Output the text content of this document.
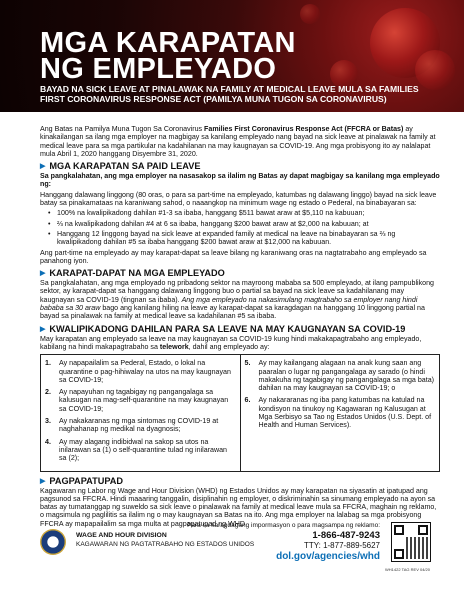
MGA KARAPATAN
NG EMPLEYADO
BAYAD NA SICK LEAVE AT PINALAWAK NA FAMILY AT MEDICAL LEAVE MULA SA FAMILIES
FIRST CORONAVIRUS RESPONSE ACT (PAMILYA MUNA TUGON SA CORONAVIRUS)
Ang Batas na Pamilya Muna Tugon Sa Coronavirus Families First Coronavirus Response Act (FFCRA or Batas) ay kinakailangan sa ilang mga employer na magbigay sa kanilang empleyado nang bayad na sick leave at pinalawak na family at medical leave para sa mga partikular na kadahilanan na may kaugnayan sa COVID-19. Ang mga probisyong ito ay nalalapat mula Abril 1, 2020 hanggang Disyembre 31, 2020.
▶ MGA KARAPATAN SA PAID LEAVE
Sa pangkalahatan, ang mga employer na nasasakop sa ilalim ng Batas ay dapat magbigay sa kanilang mga empleyado ng:
Hanggang dalawang linggong (80 oras, o para sa part-time na empleyado, katumbas ng dalawang linggo) bayad na sick leave batay sa pinakamataas na karaniwang sahod, o naaangkop na minimum wage ng estado o Pederal, na binabayaran sa:
• 100% na kwalipikadong dahilan #1-3 sa ibaba, hanggang $511 bawat araw at $5,110 na kabuuan;
• ⅔ na kwalipikadong dahilan #4 at 6 sa ibaba, hanggang $200 bawat araw at $2,000 na kabuuan; at
• Hanggang 12 linggong bayad na sick leave at expanded family at medical na leave na binabayaran sa ⅔ ng kwalipikadong dahilan #5 sa ibaba hanggang $200 bawat araw at $12,000 na kabuuan.
Ang part-time na empleyado ay may karapat-dapat sa leave bilang ng karaniwang oras na nagtatrabaho ang empleyado sa panahong iyon.
▶ KARAPAT-DAPAT NA MGA EMPLEYADO
Sa pangkalahatan, ang mga employado ng pribadong sektor na mayroong mababa sa 500 empleyado, at ilang pampublikong sektor, ay karapat-dapat sa hanggang dalawang linggong buo o partial sa bayad na sick leave sa kadahilanang may kaugnayan sa COVID-19 (tingnan sa ibaba). Ang mga empleyado na nakasimulang magtrabaho sa employer nang hindi bababa sa 30 araw bago ang kanilang hiling na leave ay karapat-dapat sa karagdagan na hanggang 10 linggong partial na bayad sa pinalawak na family at medical leave sa kadahilanan #5 sa ibaba.
▶ KWALIPIKADONG DAHILAN PARA SA LEAVE NA MAY KAUGNAYAN SA COVID-19
May karapatan ang empleyado sa leave na may kaugnayan sa COVID-19 kung hindi makakapagtrabaho ang empleyado, kabilang na hindi makapagtrabaho sa telework, dahil ang empleyado ay:
1.	Ay napapailalim sa Pederal, Estado, o lokal na quarantine o pag-hihiwalay na utos na may kaugnayan sa COVID-19;
2.	Ay napayuhan ng tagabigay ng pangangalaga sa kalusugan na mag-self-quarantine na may kaugnayan sa COVID-19;
3.	Ay nakakaranas ng mga sintomas ng COVID-19 at naghahanap ng medikal na dyagnosis;
4.	Ay may alagang indibidwal na sakop sa utos na inilarawan sa (1) o self-quarantine tulad ng inilarawan sa (2);
5.	Ay may kailangang alagaan na anak kung saan ang paaralan o lugar ng pangangalaga ay sarado (o hindi makakuha ng tagabigay ng pangangalaga sa mga bata) dahilan na may kaugnayan sa COVID-19; o
6.	Ay nakararanas ng iba pang katumbas na katulad na kondisyon na tinukoy ng Kagawaran ng Kalusugan at Mga Serbisyo sa Tao ng Estados Unidos (U.S. Dept. of Health and Human Services).
▶ PAGPAPATUPAD
Kagawaran ng Labor ng Wage and Hour Division (WHD) ng Estados Unidos ay may karapatan na siyasatin at ipatupad ang pagsunod sa FFCRA. Hindi maaaring tanggalin, disiplinahin ng employer, o diskriminahin sa sinumang empleyado na ayon sa batas ay tumatanggap ng suweldo sa sick leave o pinalawak na family at medical leave mula sa FFCRA, maghain ng reklamo, o magsimula ng paglilitis sa ilalim ng o may kaugnayan sa Batas na ito. Ang mga employer na lalabag sa mga probisyong FFCRA ay mapapailalim sa mga multa at pagpapatupad ng WHD
WAGE AND HOUR DIVISION
KAGAWARAN NG PAGTATRABAHO NG ESTADOS UNIDOS
Para sa karagdagang impormasyon o para magsampa ng reklamo:
1-866-487-9243
TTY: 1-877-889-5627
dol.gov/agencies/whd
WH1422 TAG REV 04/20
